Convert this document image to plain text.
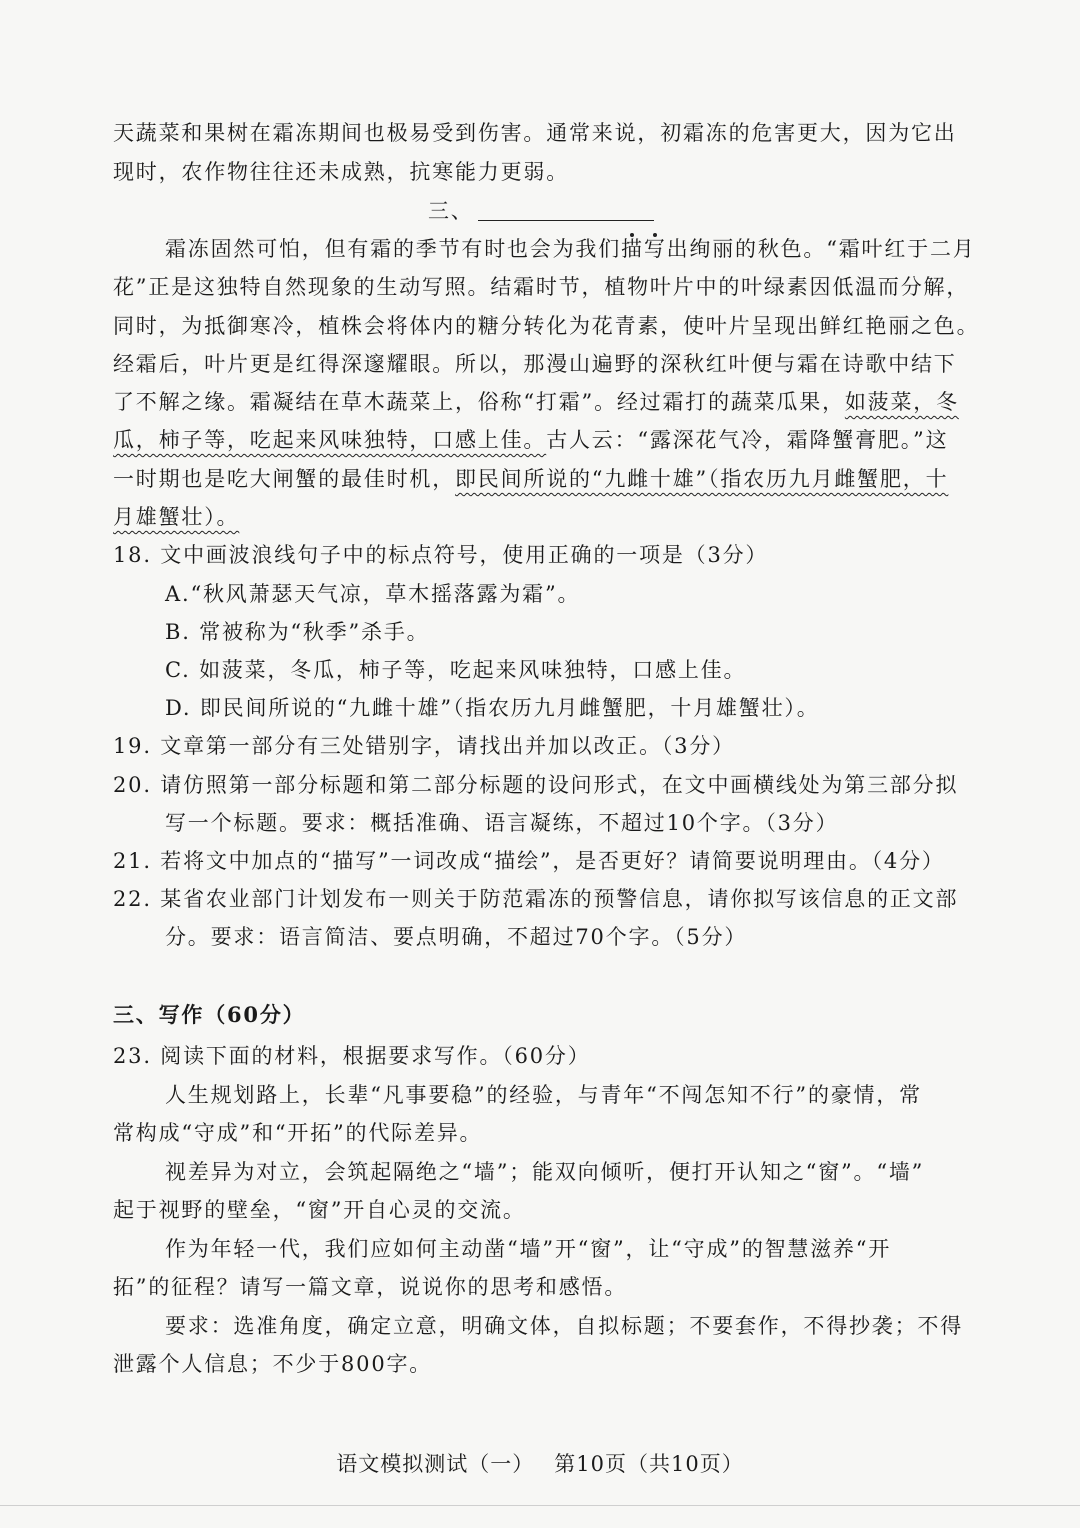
天蔬菜和果树在霜冻期间也极易受到伤害。通常来说，初霜冻的危害更大，因为它出
现时，农作物往往还未成熟，抗寒能力更弱。
三、
霜冻固然可怕，但有霜的季节有时也会为我们描写出绚丽的秋色。“霜叶红于二月
花”正是这独特自然现象的生动写照。结霜时节，植物叶片中的叶绿素因低温而分解，
同时，为抵御寒冷，植株会将体内的糖分转化为花青素，使叶片呈现出鲜红艳丽之色。
经霜后，叶片更是红得深邃耀眼。所以，那漫山遍野的深秋红叶便与霜在诗歌中结下
了不解之缘。霜凝结在草木蔬菜上，俗称“打霜”。经过霜打的蔬菜瓜果，如菠菜，冬
瓜，柿子等，吃起来风味独特，口感上佳。古人云：“露深花气冷，霜降蟹膏肥。”这
一时期也是吃大闸蟹的最佳时机，即民间所说的“九雌十雄”（指农历九月雌蟹肥，十
月雄蟹壮）。
18. 文中画波浪线句子中的标点符号，使用正确的一项是（3分）
A.“秋风萧瑟天气凉，草木摇落露为霜”。
B. 常被称为“秋季”杀手。
C. 如菠菜，冬瓜，柿子等，吃起来风味独特，口感上佳。
D. 即民间所说的“九雌十雄”（指农历九月雌蟹肥，十月雄蟹壮）。
19. 文章第一部分有三处错别字，请找出并加以改正。（3分）
20. 请仿照第一部分标题和第二部分标题的设问形式，在文中画横线处为第三部分拟
写一个标题。要求：概括准确、语言凝练，不超过10个字。（3分）
21. 若将文中加点的“描写”一词改成“描绘”，是否更好？请简要说明理由。（4分）
22. 某省农业部门计划发布一则关于防范霜冻的预警信息，请你拟写该信息的正文部
分。要求：语言简洁、要点明确，不超过70个字。（5分）
三、写作（60分）
23. 阅读下面的材料，根据要求写作。（60分）
人生规划路上，长辈“凡事要稳”的经验，与青年“不闯怎知不行”的豪情，常
常构成“守成”和“开拓”的代际差异。
视差异为对立，会筑起隔绝之“墙”；能双向倾听，便打开认知之“窗”。“墙”
起于视野的壁垒，“窗”开自心灵的交流。
作为年轻一代，我们应如何主动凿“墙”开“窗”，让“守成”的智慧滋养“开
拓”的征程？请写一篇文章，说说你的思考和感悟。
要求：选准角度，确定立意，明确文体，自拟标题；不要套作，不得抄袭；不得
泄露个人信息；不少于800字。
语文模拟测试（一） 第10页（共10页）
